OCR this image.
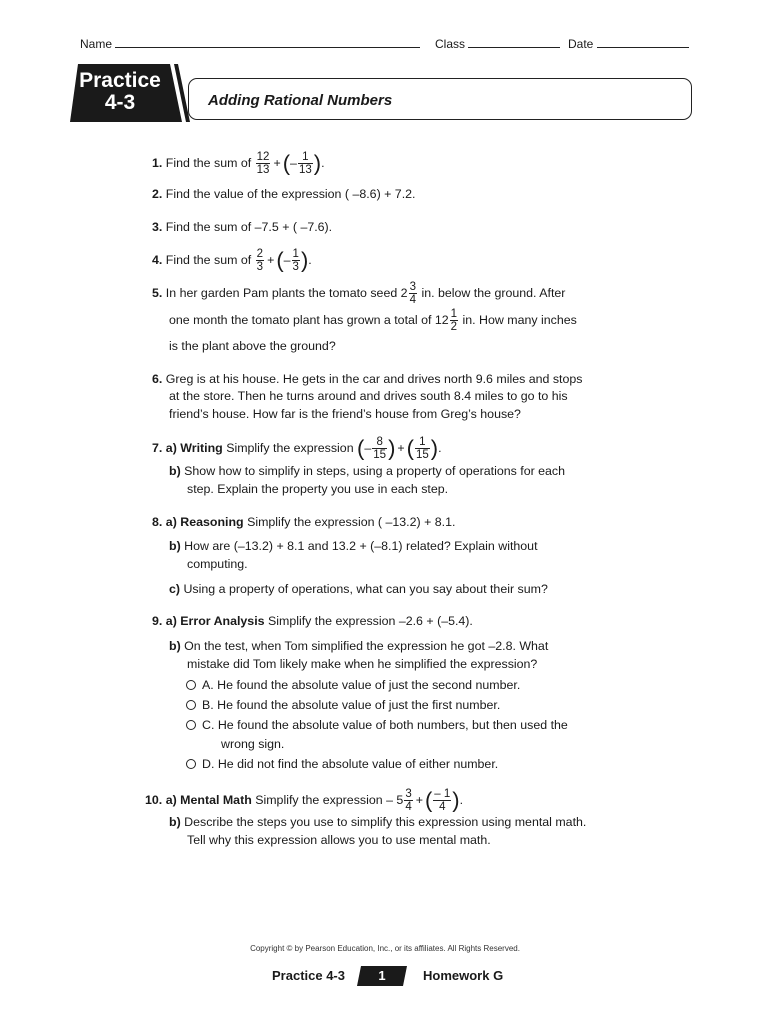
Name	Class	Date
Practice
4-3	Adding Rational Numbers
1. Find the sum of $\frac{12}{13}$ +(– $\frac{1}{13}$ ).
2. Find the value of the expression ( –8.6) + 7.2.
3. Find the sum of –7.5 + ( –7.6).
4. Find the sum of $\frac{2}{3}$ +(– $\frac{1}{3}$ ).
5. In her garden Pam plants the tomato seed $2 \frac{3}{4}$ in. below the ground. After
one month the tomato plant has grown a total of $12 \frac{1}{2}$ in. How many inches
is the plant above the ground?
6. Greg is at his house. He gets in the car and drives north 9.6 miles and stops
at the store. Then he turns around and drives south 8.4 miles to go to his
friend’s house. How far is the friend’s house from Greg’s house?
7. a) Writing Simplify the expression (– $\frac{8}{15}$ ) +( $\frac{1}{15}$ ).
b) Show how to simplify in steps, using a property of operations for each
step. Explain the property you use in each step.
8. a) Reasoning Simplify the expression ( –13.2) + 8.1.
b) How are (–13.2) + 8.1 and 13.2 + (–8.1) related? Explain without
computing.
c) Using a property of operations, what can you say about their sum?
9. a) Error Analysis Simplify the expression –2.6 + (–5.4).
b) On the test, when Tom simplified the expression he got –2.8. What
mistake did Tom likely make when he simplified the expression?
A. He found the absolute value of just the second number.
B. He found the absolute value of just the first number.
C. He found the absolute value of both numbers, but then used the
wrong sign.
D. He did not find the absolute value of either number.
10. a) Mental Math Simplify the expression – $5 \frac{3}{4}$ +( $\frac{- 1}{4}$ ).
b) Describe the steps you use to simplify this expression using mental math.
Tell why this expression allows you to use mental math.
Copyright © by Pearson Education, Inc., or its affiliates. All Rights Reserved.
Practice 4-3	1	Homework G
